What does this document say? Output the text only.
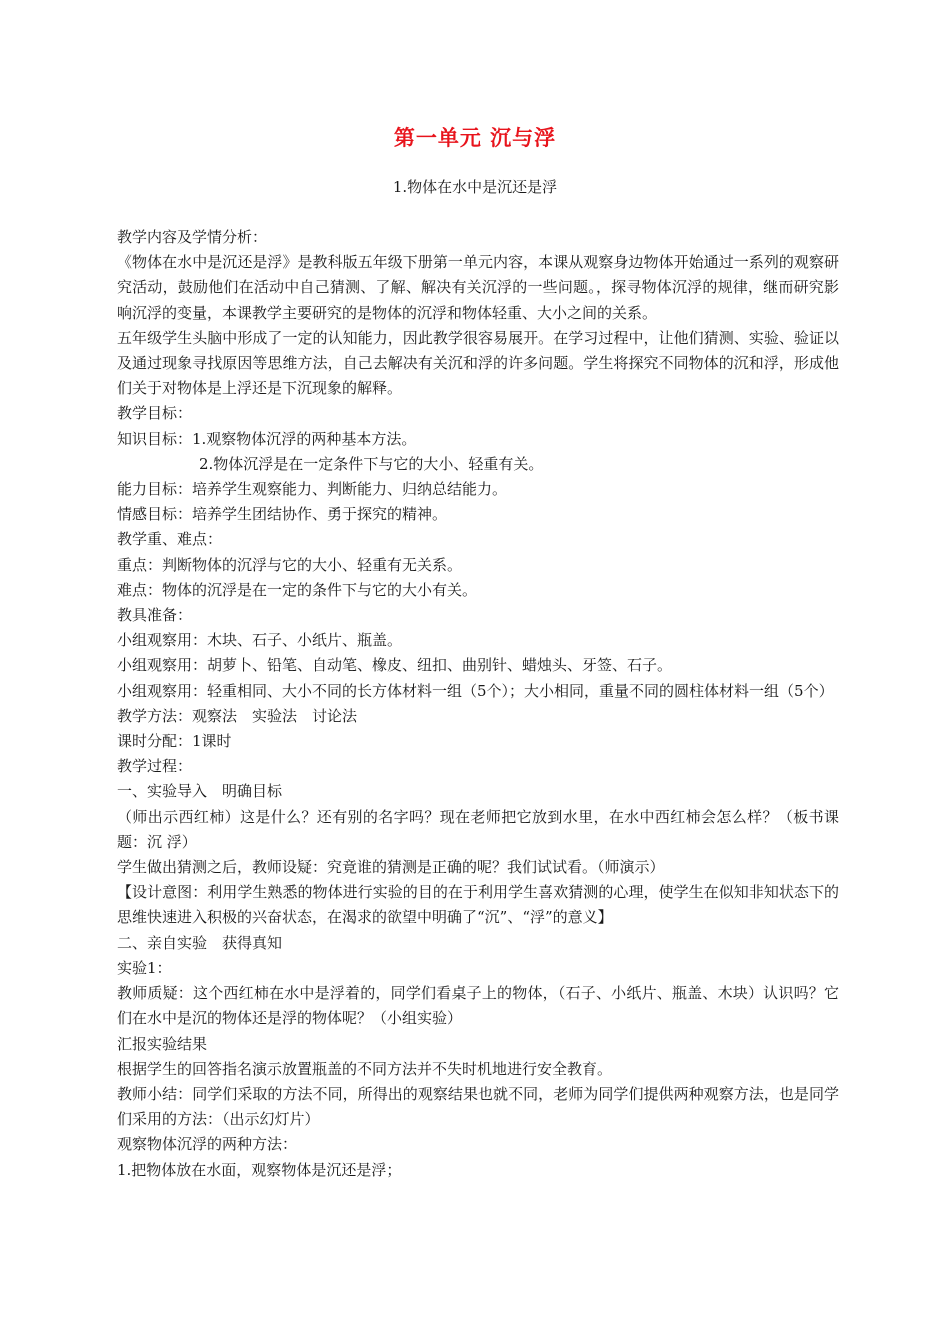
第一单元 沉与浮
1.物体在水中是沉还是浮

教学内容及学情分析：

《物体在水中是沉还是浮》是教科版五年级下册第一单元内容，本课从观察身边物体开始通过一系列的观察研究活动，鼓励他们在活动中自己猜测、了解、解决有关沉浮的一些问题。，探寻物体沉浮的规律，继而研究影响沉浮的变量，本课教学主要研究的是物体的沉浮和物体轻重、大小之间的关系。

五年级学生头脑中形成了一定的认知能力，因此教学很容易展开。在学习过程中，让他们猜测、实验、验证以及通过现象寻找原因等思维方法，自己去解决有关沉和浮的许多问题。学生将探究不同物体的沉和浮，形成他们关于对物体是上浮还是下沉现象的解释。

教学目标：

知识目标：1.观察物体沉浮的两种基本方法。

2.物体沉浮是在一定条件下与它的大小、轻重有关。

能力目标：培养学生观察能力、判断能力、归纳总结能力。

情感目标：培养学生团结协作、勇于探究的精神。

教学重、难点：

重点：判断物体的沉浮与它的大小、轻重有无关系。

难点：物体的沉浮是在一定的条件下与它的大小有关。

教具准备：

小组观察用：木块、石子、小纸片、瓶盖。

小组观察用：胡萝卜、铅笔、自动笔、橡皮、纽扣、曲别针、蜡烛头、牙签、石子。

小组观察用：轻重相同、大小不同的长方体材料一组（5个）；大小相同，重量不同的圆柱体材料一组（5个）

教学方法：观察法　实验法　讨论法

课时分配：1课时

教学过程：

一、实验导入　明确目标

（师出示西红柿）这是什么？还有别的名字吗？现在老师把它放到水里，在水中西红柿会怎么样？（板书课题：沉 浮）

学生做出猜测之后，教师设疑：究竟谁的猜测是正确的呢？我们试试看。（师演示）

【设计意图：利用学生熟悉的物体进行实验的目的在于利用学生喜欢猜测的心理，使学生在似知非知状态下的思维快速进入积极的兴奋状态，在渴求的欲望中明确了“沉”、“浮”的意义】

二、亲自实验　获得真知

实验1：

教师质疑：这个西红柿在水中是浮着的，同学们看桌子上的物体，（石子、小纸片、瓶盖、木块）认识吗？它们在水中是沉的物体还是浮的物体呢？（小组实验）

汇报实验结果

根据学生的回答指名演示放置瓶盖的不同方法并不失时机地进行安全教育。

教师小结：同学们采取的方法不同，所得出的观察结果也就不同，老师为同学们提供两种观察方法，也是同学们采用的方法：（出示幻灯片）

观察物体沉浮的两种方法：

1.把物体放在水面，观察物体是沉还是浮；
